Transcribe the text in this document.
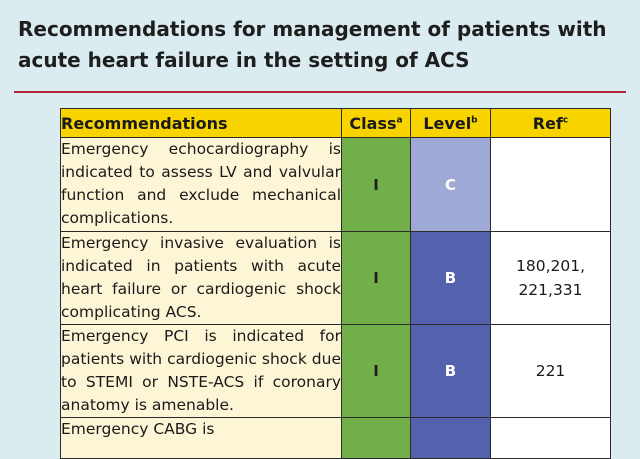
Recommendations for management of patients with acute heart failure in the setting of ACS
Recommendations	Class$^a$	Level$^b$	Ref$^c$
Emergency echocardiography is indicated to assess LV and valvular function and exclude mechanical complications.	I	C	
Emergency invasive evaluation is indicated in patients with acute heart failure or cardiogenic shock complicating ACS.	I	B	180,201, 221,331
Emergency PCI is indicated for patients with cardiogenic shock due to STEMI or NSTE-ACS if coronary anatomy is amenable.	I	B	221
Emergency CABG is			
